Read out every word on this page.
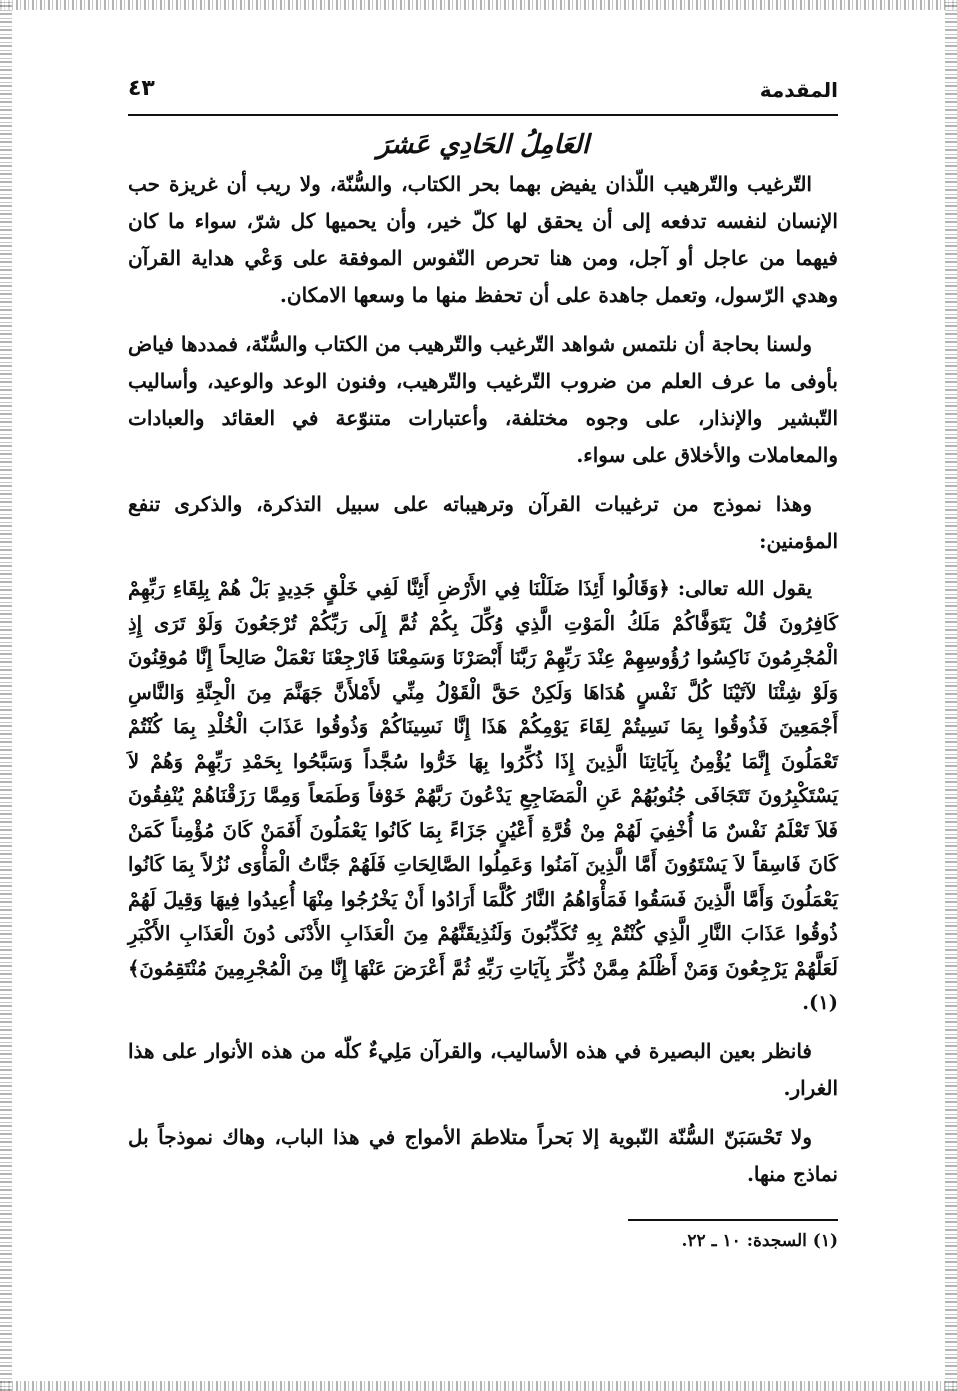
المقدمة
٤٣
العَامِلُ الحَادِي عَشرَ

التّرغيب والتّرهيب اللّذان يفيض بهما بحر الكتاب، والسُّنّة، ولا ريب أن غريزة حب الإنسان لنفسه تدفعه إلى أن يحقق لها كلّ خير، وأن يحميها كل شرّ، سواء ما كان فيهما من عاجل أو آجل، ومن هنا تحرص النّفوس الموفقة على وَعْي هداية القرآن وهدي الرّسول، وتعمل جاهدة على أن تحفظ منها ما وسعها الامكان.

ولسنا بحاجة أن نلتمس شواهد التّرغيب والتّرهيب من الكتاب والسُّنّة، فمددها فياض بأوفى ما عرف العلم من ضروب التّرغيب والتّرهيب، وفنون الوعد والوعيد، وأساليب التّبشير والإنذار، على وجوه مختلفة، وأعتبارات متنوّعة في العقائد والعبادات والمعاملات والأخلاق على سواء.

وهذا نموذج من ترغيبات القرآن وترهيباته على سبيل التذكرة، والذكرى تنفع المؤمنين:

يقول الله تعالى: ﴿وَقَالُوا أَئِذَا ضَلَلْنَا فِي الأَرْضِ أَئِنَّا لَفِي خَلْقٍ جَدِيدٍ بَلْ هُمْ بِلِقَاءِ رَبِّهِمْ كَافِرُونَ قُلْ يَتَوَفَّاكُمْ مَلَكُ الْمَوْتِ الَّذِي وُكِّلَ بِكُمْ ثُمَّ إِلَى رَبِّكُمْ تُرْجَعُونَ وَلَوْ تَرَى إِذِ الْمُجْرِمُونَ نَاكِسُوا رُؤُوسِهِمْ عِنْدَ رَبِّهِمْ رَبَّنَا أَبْصَرْنَا وَسَمِعْنَا فَارْجِعْنَا نَعْمَلْ صَالِحاً إِنَّا مُوقِنُونَ وَلَوْ شِئْنَا لآتَيْنَا كُلَّ نَفْسٍ هُدَاهَا وَلَكِنْ حَقَّ الْقَوْلُ مِنِّي لأَمْلأَنَّ جَهَنَّمَ مِنَ الْجِنَّةِ وَالنَّاسِ أَجْمَعِينَ فَذُوقُوا بِمَا نَسِيتُمْ لِقَاءَ يَوْمِكُمْ هَذَا إِنَّا نَسِينَاكُمْ وَذُوقُوا عَذَابَ الْخُلْدِ بِمَا كُنْتُمْ تَعْمَلُونَ إِنَّمَا يُؤْمِنُ بِآيَاتِنَا الَّذِينَ إِذَا ذُكِّرُوا بِهَا خَرُّوا سُجَّداً وَسَبَّحُوا بِحَمْدِ رَبِّهِمْ وَهُمْ لاَ يَسْتَكْبِرُونَ تَتَجَافَى جُنُوبُهُمْ عَنِ الْمَضَاجِعِ يَدْعُونَ رَبَّهُمْ خَوْفاً وَطَمَعاً وَمِمَّا رَزَقْنَاهُمْ يُنْفِقُونَ فَلاَ تَعْلَمُ نَفْسٌ مَا أُخْفِيَ لَهُمْ مِنْ قُرَّةِ أَعْيُنٍ جَزَاءً بِمَا كَانُوا يَعْمَلُونَ أَفَمَنْ كَانَ مُؤْمِناً كَمَنْ كَانَ فَاسِقاً لاَ يَسْتَوُونَ أَمَّا الَّذِينَ آمَنُوا وَعَمِلُوا الصَّالِحَاتِ فَلَهُمْ جَنَّاتُ الْمَأْوَى نُزُلاً بِمَا كَانُوا يَعْمَلُونَ وَأَمَّا الَّذِينَ فَسَقُوا فَمَأْوَاهُمُ النَّارُ كُلَّمَا أَرَادُوا أَنْ يَخْرُجُوا مِنْهَا أُعِيدُوا فِيهَا وَقِيلَ لَهُمْ ذُوقُوا عَذَابَ النَّارِ الَّذِي كُنْتُمْ بِهِ تُكَذِّبُونَ وَلَنُذِيقَنَّهُمْ مِنَ الْعَذَابِ الأَدْنَى دُونَ الْعَذَابِ الأَكْبَرِ لَعَلَّهُمْ يَرْجِعُونَ وَمَنْ أَظْلَمُ مِمَّنْ ذُكِّرَ بِآيَاتِ رَبِّهِ ثُمَّ أَعْرَضَ عَنْهَا إِنَّا مِنَ الْمُجْرِمِينَ مُنْتَقِمُونَ﴾ (١).

فانظر بعين البصيرة في هذه الأساليب، والقرآن مَلِيءٌ كلّه من هذه الأنوار على هذا الغرار.

ولا تَحْسَبَنّ السُّنّة النّبوية إلا بَحراً متلاطمَ الأمواج في هذا الباب، وهاك نموذجاً بل نماذج منها.

(١) السجدة: ١٠ ـ ٢٢.
